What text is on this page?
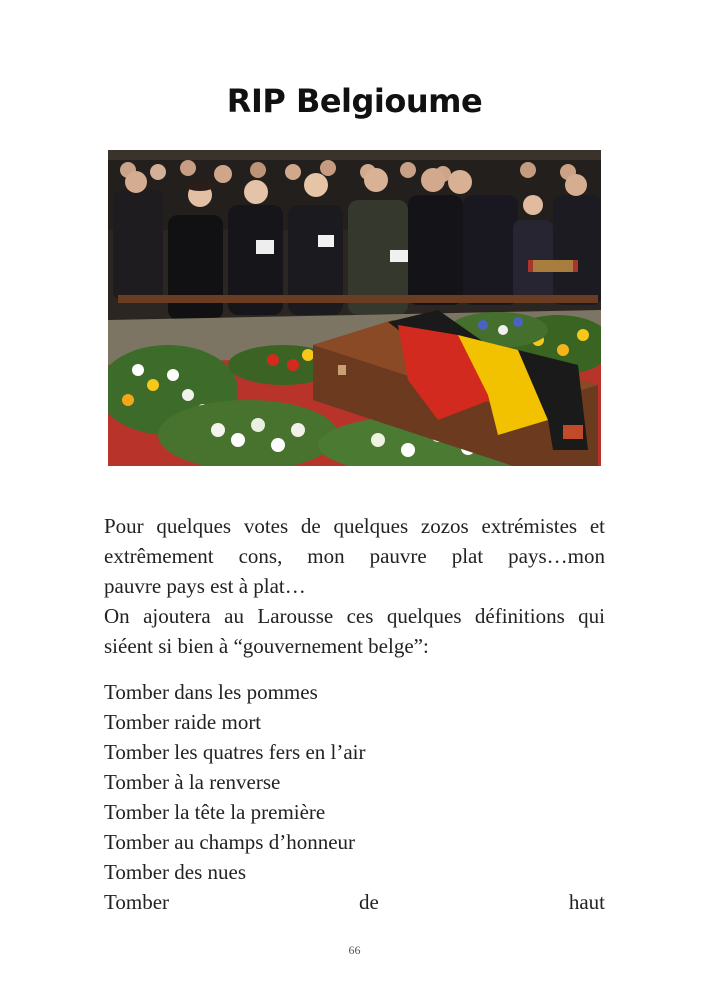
RIP Belgioume
Pour quelques votes de quelques zozos extrémistes et
extrêmement cons, mon pauvre plat pays…mon
pauvre pays est à plat…
On ajoutera au Larousse ces quelques définitions qui
siéent si bien à “gouvernement belge”:
Tomber dans les pommes
Tomber raide mort
Tomber les quatres fers en l’air
Tomber à la renverse
Tomber la tête la première
Tomber au champs d’honneur
Tomber des nues
Tomber de haut
66
